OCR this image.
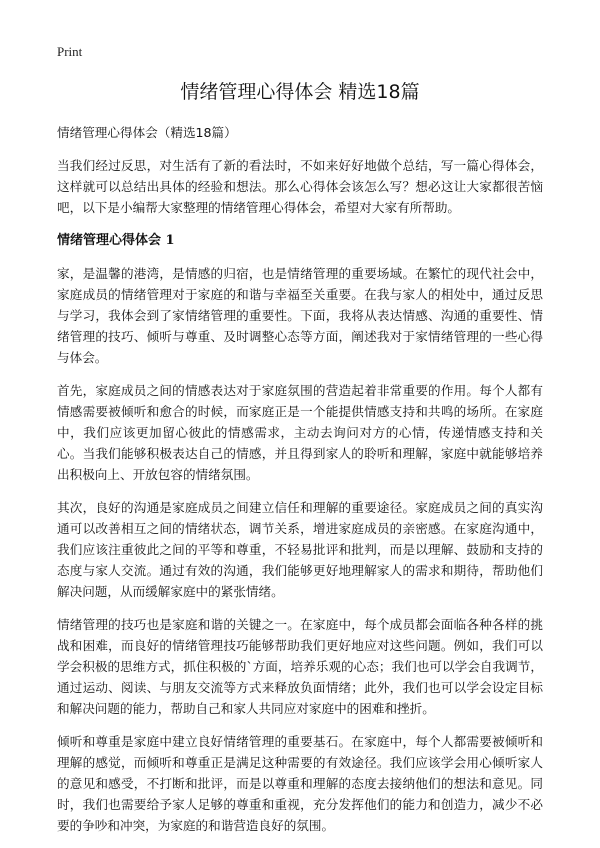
Print
情绪管理心得体会 精选18篇

情绪管理心得体会（精选18篇）

当我们经过反思，对生活有了新的看法时，不如来好好地做个总结，写一篇心得体会，这样就可以总结出具体的经验和想法。那么心得体会该怎么写？想必这让大家都很苦恼吧，以下是小编帮大家整理的情绪管理心得体会，希望对大家有所帮助。

情绪管理心得体会 1

家，是温馨的港湾，是情感的归宿，也是情绪管理的重要场域。在繁忙的现代社会中，家庭成员的情绪管理对于家庭的和谐与幸福至关重要。在我与家人的相处中，通过反思与学习，我体会到了家情绪管理的重要性。下面，我将从表达情感、沟通的重要性、情绪管理的技巧、倾听与尊重、及时调整心态等方面，阐述我对于家情绪管理的一些心得与体会。

首先，家庭成员之间的情感表达对于家庭氛围的营造起着非常重要的作用。每个人都有情感需要被倾听和愈合的时候，而家庭正是一个能提供情感支持和共鸣的场所。在家庭中，我们应该更加留心彼此的情感需求，主动去询问对方的心情，传递情感支持和关心。当我们能够积极表达自己的情感，并且得到家人的聆听和理解，家庭中就能够培养出积极向上、开放包容的情绪氛围。

其次，良好的沟通是家庭成员之间建立信任和理解的重要途径。家庭成员之间的真实沟通可以改善相互之间的情绪状态，调节关系，增进家庭成员的亲密感。在家庭沟通中，我们应该注重彼此之间的平等和尊重，不轻易批评和批判，而是以理解、鼓励和支持的态度与家人交流。通过有效的沟通，我们能够更好地理解家人的需求和期待，帮助他们解决问题，从而缓解家庭中的紧张情绪。

情绪管理的技巧也是家庭和谐的关键之一。在家庭中，每个成员都会面临各种各样的挑战和困难，而良好的情绪管理技巧能够帮助我们更好地应对这些问题。例如，我们可以学会积极的思维方式，抓住积极的`方面，培养乐观的心态；我们也可以学会自我调节，通过运动、阅读、与朋友交流等方式来释放负面情绪；此外，我们也可以学会设定目标和解决问题的能力，帮助自己和家人共同应对家庭中的困难和挫折。

倾听和尊重是家庭中建立良好情绪管理的重要基石。在家庭中，每个人都需要被倾听和理解的感觉，而倾听和尊重正是满足这种需要的有效途径。我们应该学会用心倾听家人的意见和感受，不打断和批评，而是以尊重和理解的态度去接纳他们的想法和意见。同时，我们也需要给予家人足够的尊重和重视，充分发挥他们的能力和创造力，减少不必要的争吵和冲突，为家庭的和谐营造良好的氛围。
